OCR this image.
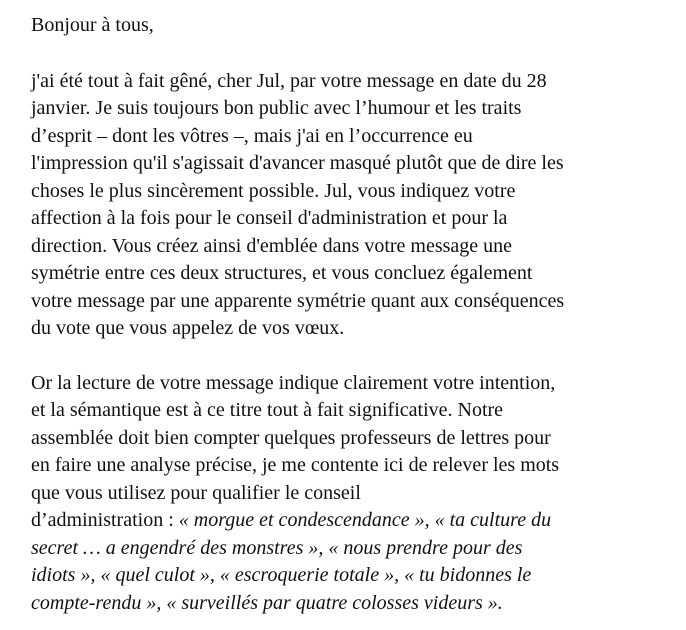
Bonjour à tous,

j'ai été tout à fait gêné, cher Jul, par votre message en date du 28
janvier. Je suis toujours bon public avec l’humour et les traits
d’esprit – dont les vôtres –, mais j'ai en l’occurrence eu
l'impression qu'il s'agissait d'avancer masqué plutôt que de dire les
choses le plus sincèrement possible. Jul, vous indiquez votre
affection à la fois pour le conseil d'administration et pour la
direction. Vous créez ainsi d'emblée dans votre message une
symétrie entre ces deux structures, et vous concluez également
votre message par une apparente symétrie quant aux conséquences
du vote que vous appelez de vos vœux.
Or la lecture de votre message indique clairement votre intention,
et la sémantique est à ce titre tout à fait significative. Notre
assemblée doit bien compter quelques professeurs de lettres pour
en faire une analyse précise, je me contente ici de relever les mots
que vous utilisez pour qualifier le conseil
d’administration : « morgue et condescendance », « ta culture du
secret … a engendré des monstres », « nous prendre pour des
idiots », « quel culot », « escroquerie totale », « tu bidonnes le
compte-rendu », « surveillés par quatre colosses videurs ».
